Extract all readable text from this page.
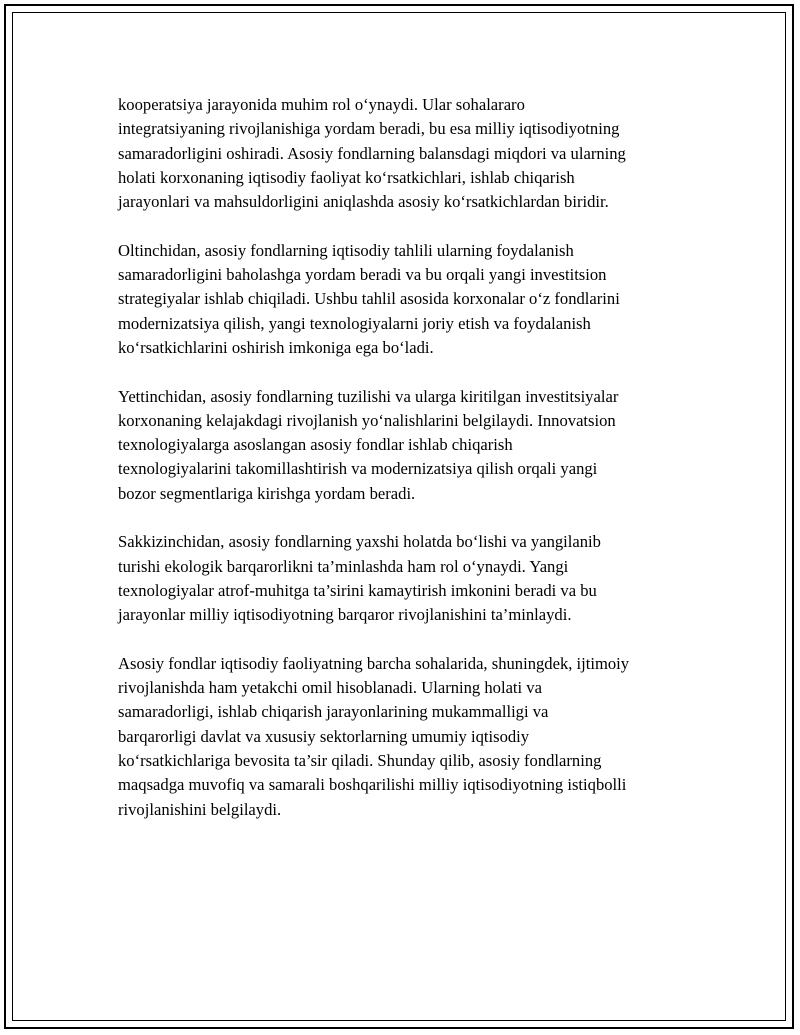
kooperatsiya jarayonida muhim rol o‘ynaydi. Ular sohalararo
integratsiyaning rivojlanishiga yordam beradi, bu esa milliy iqtisodiyotning
samaradorligini oshiradi. Asosiy fondlarning balansdagi miqdori va ularning
holati korxonaning iqtisodiy faoliyat ko‘rsatkichlari, ishlab chiqarish
jarayonlari va mahsuldorligini aniqlashda asosiy ko‘rsatkichlardan biridir.

Oltinchidan, asosiy fondlarning iqtisodiy tahlili ularning foydalanish
samaradorligini baholashga yordam beradi va bu orqali yangi investitsion
strategiyalar ishlab chiqiladi. Ushbu tahlil asosida korxonalar o‘z fondlarini
modernizatsiya qilish, yangi texnologiyalarni joriy etish va foydalanish
ko‘rsatkichlarini oshirish imkoniga ega bo‘ladi.

Yettinchidan, asosiy fondlarning tuzilishi va ularga kiritilgan investitsiyalar
korxonaning kelajakdagi rivojlanish yo‘nalishlarini belgilaydi. Innovatsion
texnologiyalarga asoslangan asosiy fondlar ishlab chiqarish
texnologiyalarini takomillashtirish va modernizatsiya qilish orqali yangi
bozor segmentlariga kirishga yordam beradi.

Sakkizinchidan, asosiy fondlarning yaxshi holatda bo‘lishi va yangilanib
turishi ekologik barqarorlikni ta’minlashda ham rol o‘ynaydi. Yangi
texnologiyalar atrof-muhitga ta’sirini kamaytirish imkonini beradi va bu
jarayonlar milliy iqtisodiyotning barqaror rivojlanishini ta’minlaydi.

Asosiy fondlar iqtisodiy faoliyatning barcha sohalarida, shuningdek, ijtimoiy
rivojlanishda ham yetakchi omil hisoblanadi. Ularning holati va
samaradorligi, ishlab chiqarish jarayonlarining mukammalligi va
barqarorligi davlat va xususiy sektorlarning umumiy iqtisodiy
ko‘rsatkichlariga bevosita ta’sir qiladi. Shunday qilib, asosiy fondlarning
maqsadga muvofiq va samarali boshqarilishi milliy iqtisodiyotning istiqbolli
rivojlanishini belgilaydi.
